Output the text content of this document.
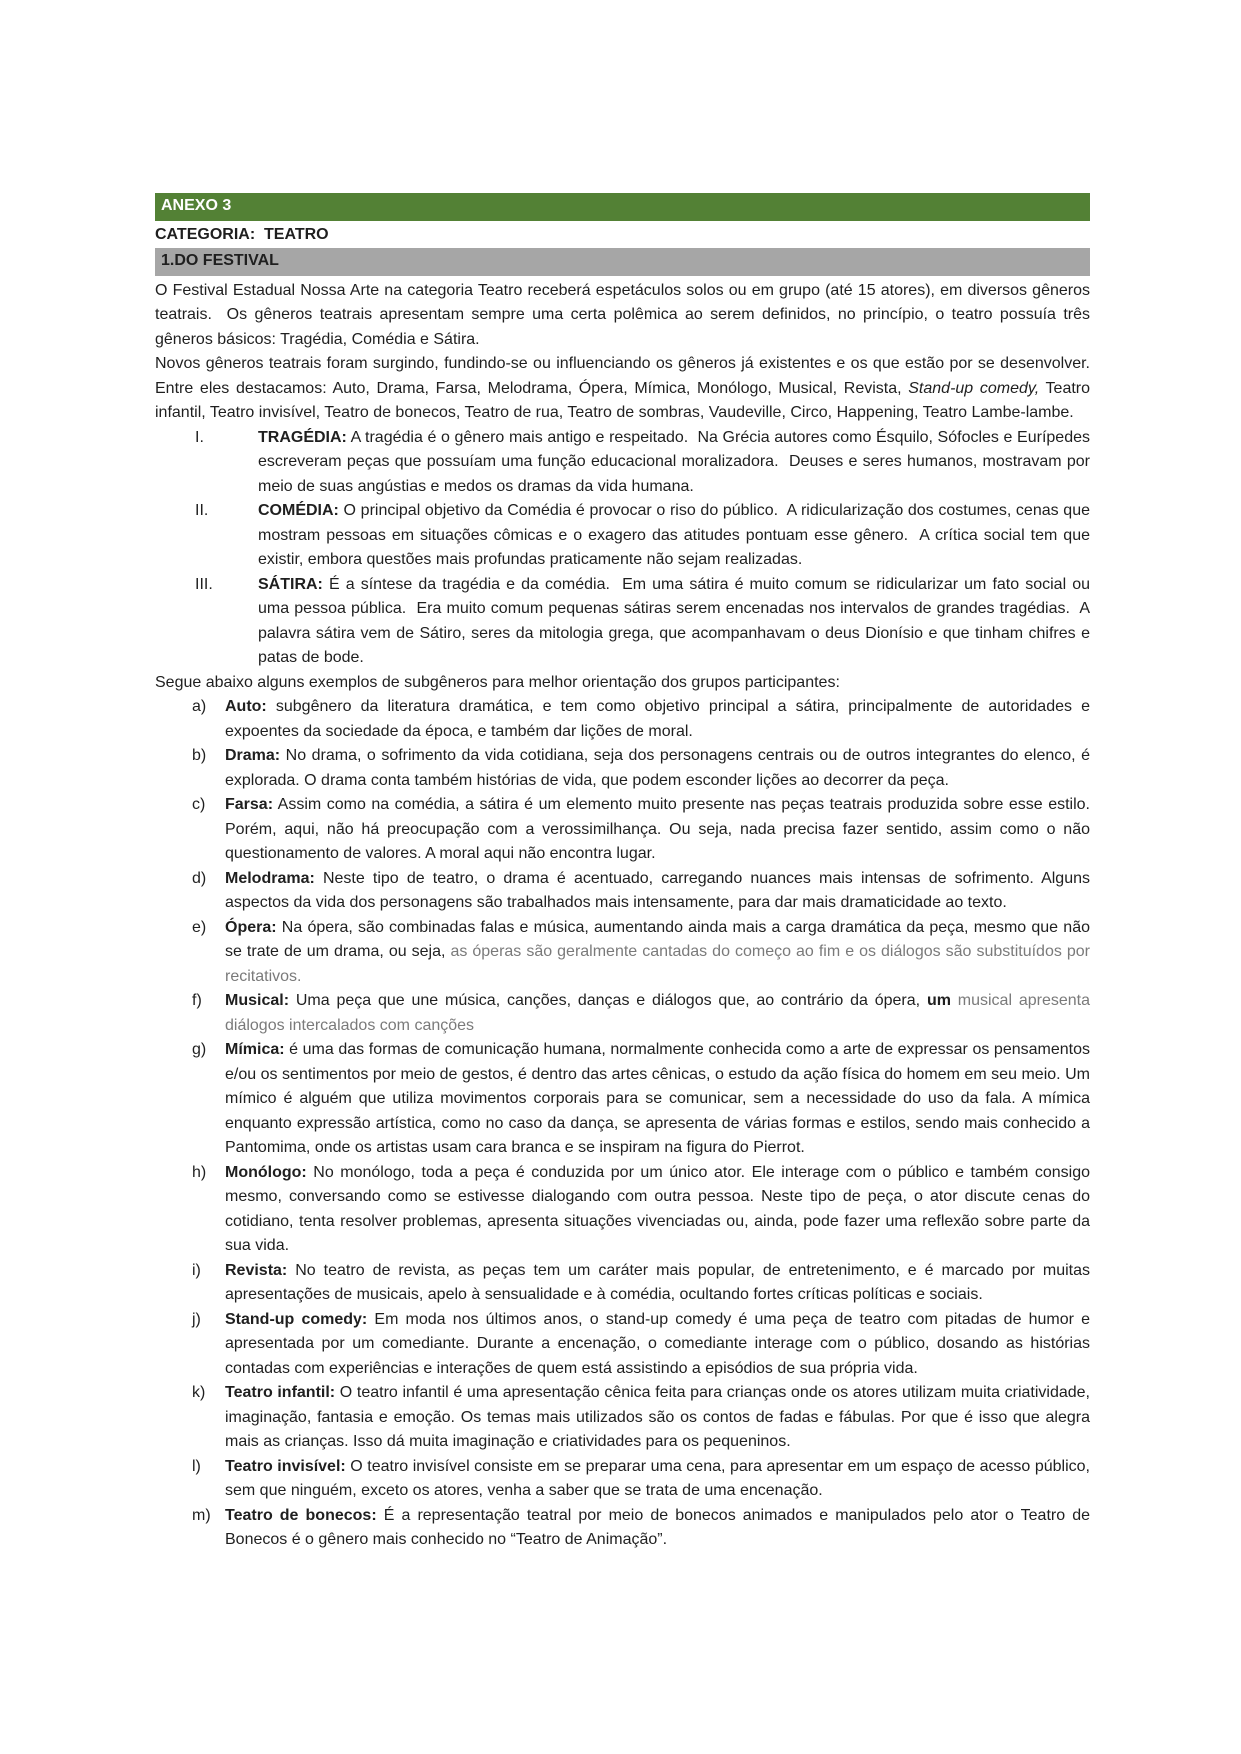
ANEXO 3
CATEGORIA:  TEATRO
1.DO FESTIVAL
O Festival Estadual Nossa Arte na categoria Teatro receberá espetáculos solos ou em grupo (até 15 atores), em diversos gêneros teatrais.  Os gêneros teatrais apresentam sempre uma certa polêmica ao serem definidos, no princípio, o teatro possuía três gêneros básicos: Tragédia, Comédia e Sátira.
Novos gêneros teatrais foram surgindo, fundindo-se ou influenciando os gêneros já existentes e os que estão por se desenvolver. Entre eles destacamos: Auto, Drama, Farsa, Melodrama, Ópera, Mímica, Monólogo, Musical, Revista, Stand-up comedy, Teatro infantil, Teatro invisível, Teatro de bonecos, Teatro de rua, Teatro de sombras, Vaudeville, Circo, Happening, Teatro Lambe-lambe.
I.	TRAGÉDIA: A tragédia é o gênero mais antigo e respeitado.  Na Grécia autores como Ésquilo, Sófocles e Eurípedes escreveram peças que possuíam uma função educacional moralizadora.  Deuses e seres humanos, mostravam por meio de suas angústias e medos os dramas da vida humana.
II.	COMÉDIA: O principal objetivo da Comédia é provocar o riso do público.  A ridicularização dos costumes, cenas que mostram pessoas em situações cômicas e o exagero das atitudes pontuam esse gênero.  A crítica social tem que existir, embora questões mais profundas praticamente não sejam realizadas.
III.	SÁTIRA: É a síntese da tragédia e da comédia.  Em uma sátira é muito comum se ridicularizar um fato social ou uma pessoa pública.  Era muito comum pequenas sátiras serem encenadas nos intervalos de grandes tragédias.  A palavra sátira vem de Sátiro, seres da mitologia grega, que acompanhavam o deus Dionísio e que tinham chifres e patas de bode.
Segue abaixo alguns exemplos de subgêneros para melhor orientação dos grupos participantes:
a) Auto: subgênero da literatura dramática, e tem como objetivo principal a sátira, principalmente de autoridades e expoentes da sociedade da época, e também dar lições de moral.
b) Drama: No drama, o sofrimento da vida cotidiana, seja dos personagens centrais ou de outros integrantes do elenco, é explorada. O drama conta também histórias de vida, que podem esconder lições ao decorrer da peça.
c) Farsa: Assim como na comédia, a sátira é um elemento muito presente nas peças teatrais produzida sobre esse estilo. Porém, aqui, não há preocupação com a verossimilhança. Ou seja, nada precisa fazer sentido, assim como o não questionamento de valores. A moral aqui não encontra lugar.
d) Melodrama: Neste tipo de teatro, o drama é acentuado, carregando nuances mais intensas de sofrimento. Alguns aspectos da vida dos personagens são trabalhados mais intensamente, para dar mais dramaticidade ao texto.
e) Ópera: Na ópera, são combinadas falas e música, aumentando ainda mais a carga dramática da peça, mesmo que não se trate de um drama, ou seja, as óperas são geralmente cantadas do começo ao fim e os diálogos são substituídos por recitativos.
f) Musical: Uma peça que une música, canções, danças e diálogos que, ao contrário da ópera, um musical apresenta diálogos intercalados com canções
g) Mímica: é uma das formas de comunicação humana, normalmente conhecida como a arte de expressar os pensamentos e/ou os sentimentos por meio de gestos, é dentro das artes cênicas, o estudo da ação física do homem em seu meio. Um mímico é alguém que utiliza movimentos corporais para se comunicar, sem a necessidade do uso da fala. A mímica enquanto expressão artística, como no caso da dança, se apresenta de várias formas e estilos, sendo mais conhecido a Pantomima, onde os artistas usam cara branca e se inspiram na figura do Pierrot.
h) Monólogo: No monólogo, toda a peça é conduzida por um único ator. Ele interage com o público e também consigo mesmo, conversando como se estivesse dialogando com outra pessoa. Neste tipo de peça, o ator discute cenas do cotidiano, tenta resolver problemas, apresenta situações vivenciadas ou, ainda, pode fazer uma reflexão sobre parte da sua vida.
i) Revista: No teatro de revista, as peças tem um caráter mais popular, de entretenimento, e é marcado por muitas apresentações de musicais, apelo à sensualidade e à comédia, ocultando fortes críticas políticas e sociais.
j) Stand-up comedy: Em moda nos últimos anos, o stand-up comedy é uma peça de teatro com pitadas de humor e apresentada por um comediante. Durante a encenação, o comediante interage com o público, dosando as histórias contadas com experiências e interações de quem está assistindo a episódios de sua própria vida.
k) Teatro infantil: O teatro infantil é uma apresentação cênica feita para crianças onde os atores utilizam muita criatividade, imaginação, fantasia e emoção. Os temas mais utilizados são os contos de fadas e fábulas. Por que é isso que alegra mais as crianças. Isso dá muita imaginação e criatividades para os pequeninos.
l) Teatro invisível: O teatro invisível consiste em se preparar uma cena, para apresentar em um espaço de acesso público, sem que ninguém, exceto os atores, venha a saber que se trata de uma encenação.
m) Teatro de bonecos: É a representação teatral por meio de bonecos animados e manipulados pelo ator o Teatro de Bonecos é o gênero mais conhecido no “Teatro de Animação”.
